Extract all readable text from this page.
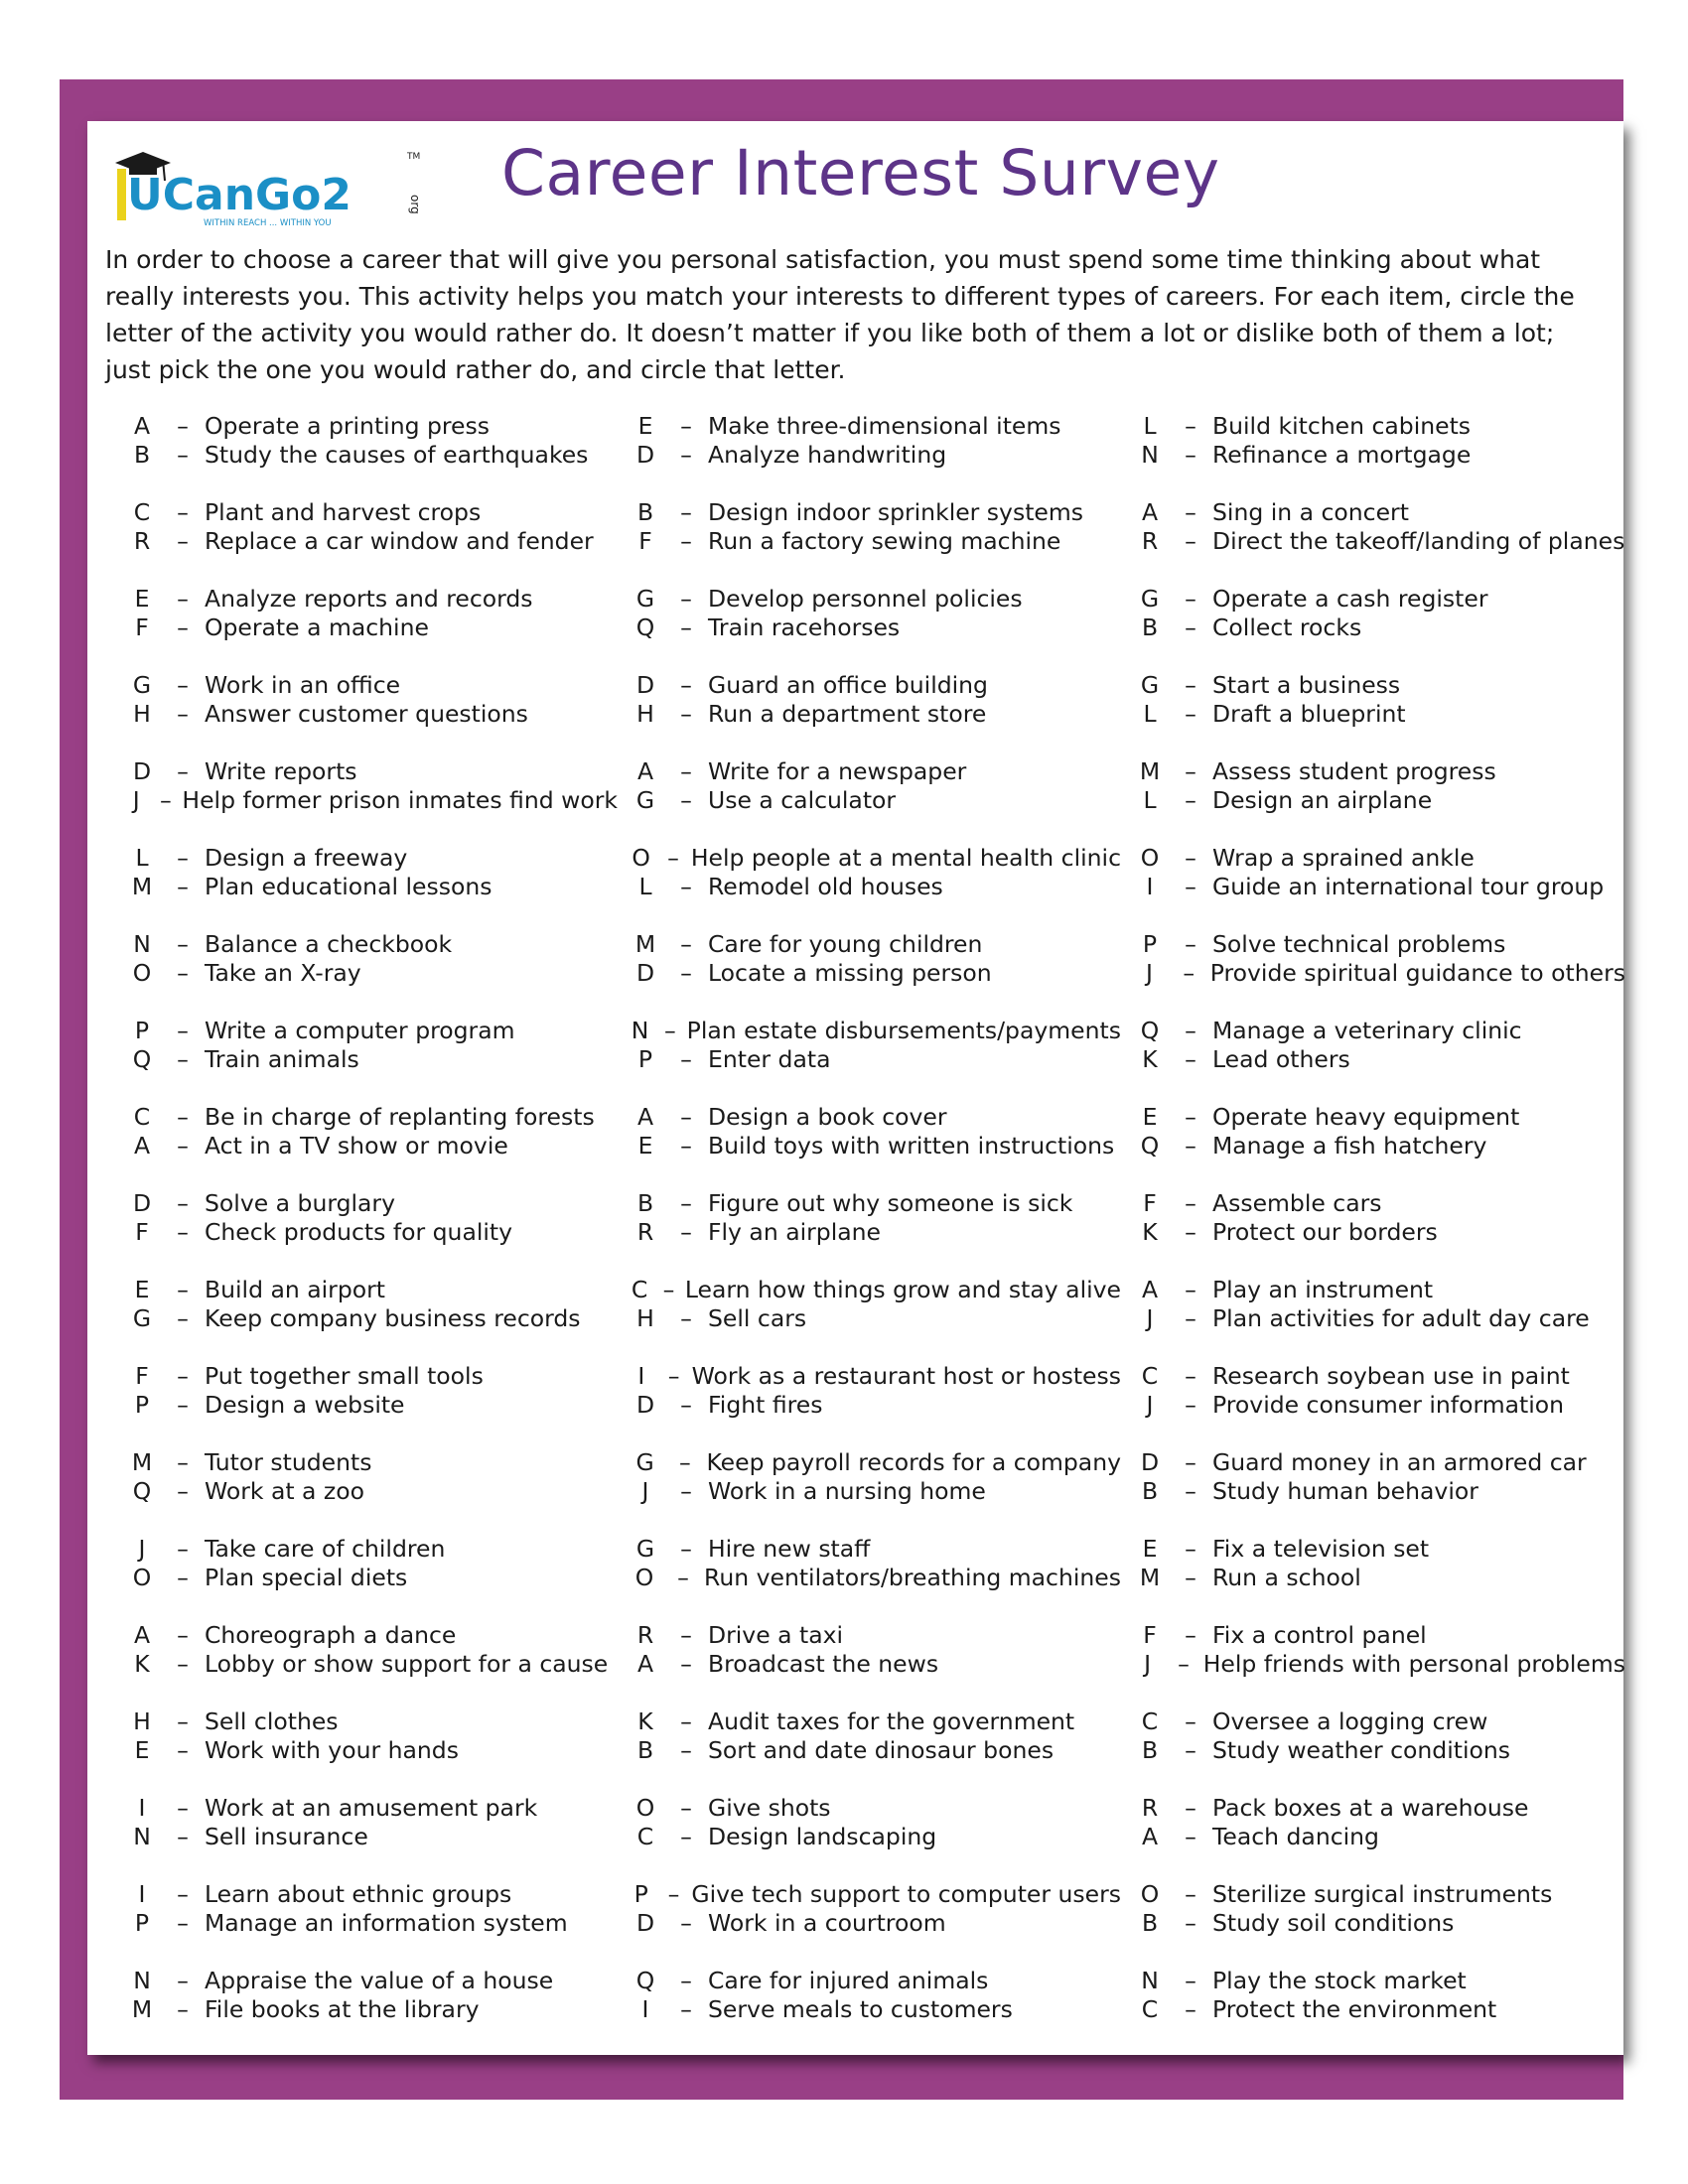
UCanGo2
TM
org
WITHIN REACH ... WITHIN YOU
Career Interest Survey
In order to choose a career that will give you personal satisfaction, you must spend some time thinking about what
really interests you. This activity helps you match your interests to different types of careers. For each item, circle the
letter of the activity you would rather do. It doesn’t matter if you like both of them a lot or dislike both of them a lot;
just pick the one you would rather do, and circle that letter.
A	– Operate a printing press
B	– Study the causes of earthquakes
C	– Plant and harvest crops
R	– Replace a car window and fender
E	– Analyze reports and records
F	– Operate a machine
G	– Work in an office
H	– Answer customer questions
D	– Write reports
J – Help former prison inmates find work
L	– Design a freeway
M	– Plan educational lessons
N	– Balance a checkbook
O	– Take an X-ray
P	– Write a computer program
Q	– Train animals
C	– Be in charge of replanting forests
A	– Act in a TV show or movie
D	– Solve a burglary
F	– Check products for quality
E	– Build an airport
G	– Keep company business records
F	– Put together small tools
P	– Design a website
M	– Tutor students
Q	– Work at a zoo
J	– Take care of children
O	– Plan special diets
A	– Choreograph a dance
K	– Lobby or show support for a cause
H	– Sell clothes
E	– Work with your hands
I	– Work at an amusement park
N	– Sell insurance
I	– Learn about ethnic groups
P	– Manage an information system
N	– Appraise the value of a house
M	– File books at the library
E	– Make three-dimensional items
D	– Analyze handwriting
B	– Design indoor sprinkler systems
F	– Run a factory sewing machine
G	– Develop personnel policies
Q	– Train racehorses
D	– Guard an office building
H	– Run a department store
A	– Write for a newspaper
G	– Use a calculator
O – Help people at a mental health clinic
L	– Remodel old houses
M	– Care for young children
D	– Locate a missing person
N – Plan estate disbursements/payments
P	– Enter data
A	– Design a book cover
E	– Build toys with written instructions
B	– Figure out why someone is sick
R	– Fly an airplane
C – Learn how things grow and stay alive
H	– Sell cars
I – Work as a restaurant host or hostess
D	– Fight fires
G	– Keep payroll records for a company
J	– Work in a nursing home
G	– Hire new staff
O	– Run ventilators/breathing machines
R	– Drive a taxi
A	– Broadcast the news
K	– Audit taxes for the government
B	– Sort and date dinosaur bones
O	– Give shots
C	– Design landscaping
P – Give tech support to computer users
D	– Work in a courtroom
Q	– Care for injured animals
I	– Serve meals to customers
L	– Build kitchen cabinets
N	– Refinance a mortgage
A	– Sing in a concert
R	– Direct the takeoff/landing of planes
G	– Operate a cash register
B	– Collect rocks
G	– Start a business
L	– Draft a blueprint
M	– Assess student progress
L	– Design an airplane
O	– Wrap a sprained ankle
I	– Guide an international tour group
P	– Solve technical problems
J	– Provide spiritual guidance to others
Q	– Manage a veterinary clinic
K	– Lead others
E	– Operate heavy equipment
Q	– Manage a fish hatchery
F	– Assemble cars
K	– Protect our borders
A	– Play an instrument
J	– Plan activities for adult day care
C	– Research soybean use in paint
J	– Provide consumer information
D	– Guard money in an armored car
B	– Study human behavior
E	– Fix a television set
M	– Run a school
F	– Fix a control panel
J	– Help friends with personal problems
C	– Oversee a logging crew
B	– Study weather conditions
R	– Pack boxes at a warehouse
A	– Teach dancing
O	– Sterilize surgical instruments
B	– Study soil conditions
N	– Play the stock market
C	– Protect the environment
